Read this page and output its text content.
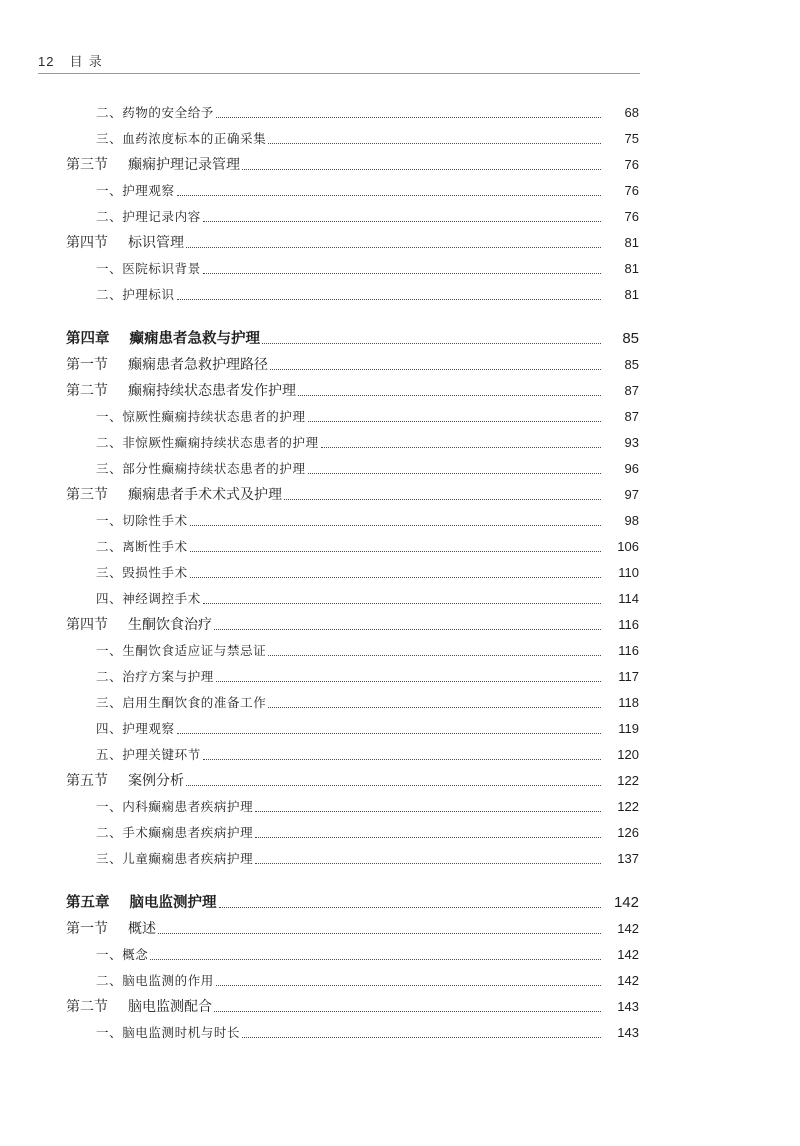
12 目 录
二、药物的安全给予	68
三、血药浓度标本的正确采集	75
第三节 癫痫护理记录管理	76
一、护理观察	76
二、护理记录内容	76
第四节 标识管理	81
一、医院标识背景	81
二、护理标识	81
第四章 癫痫患者急救与护理	85
第一节 癫痫患者急救护理路径	85
第二节 癫痫持续状态患者发作护理	87
一、惊厥性癫痫持续状态患者的护理	87
二、非惊厥性癫痫持续状态患者的护理	93
三、部分性癫痫持续状态患者的护理	96
第三节 癫痫患者手术术式及护理	97
一、切除性手术	98
二、离断性手术	106
三、毁损性手术	110
四、神经调控手术	114
第四节 生酮饮食治疗	116
一、生酮饮食适应证与禁忌证	116
二、治疗方案与护理	117
三、启用生酮饮食的准备工作	118
四、护理观察	119
五、护理关键环节	120
第五节 案例分析	122
一、内科癫痫患者疾病护理	122
二、手术癫痫患者疾病护理	126
三、儿童癫痫患者疾病护理	137
第五章 脑电监测护理	142
第一节 概述	142
一、概念	142
二、脑电监测的作用	142
第二节 脑电监测配合	143
一、脑电监测时机与时长	143
